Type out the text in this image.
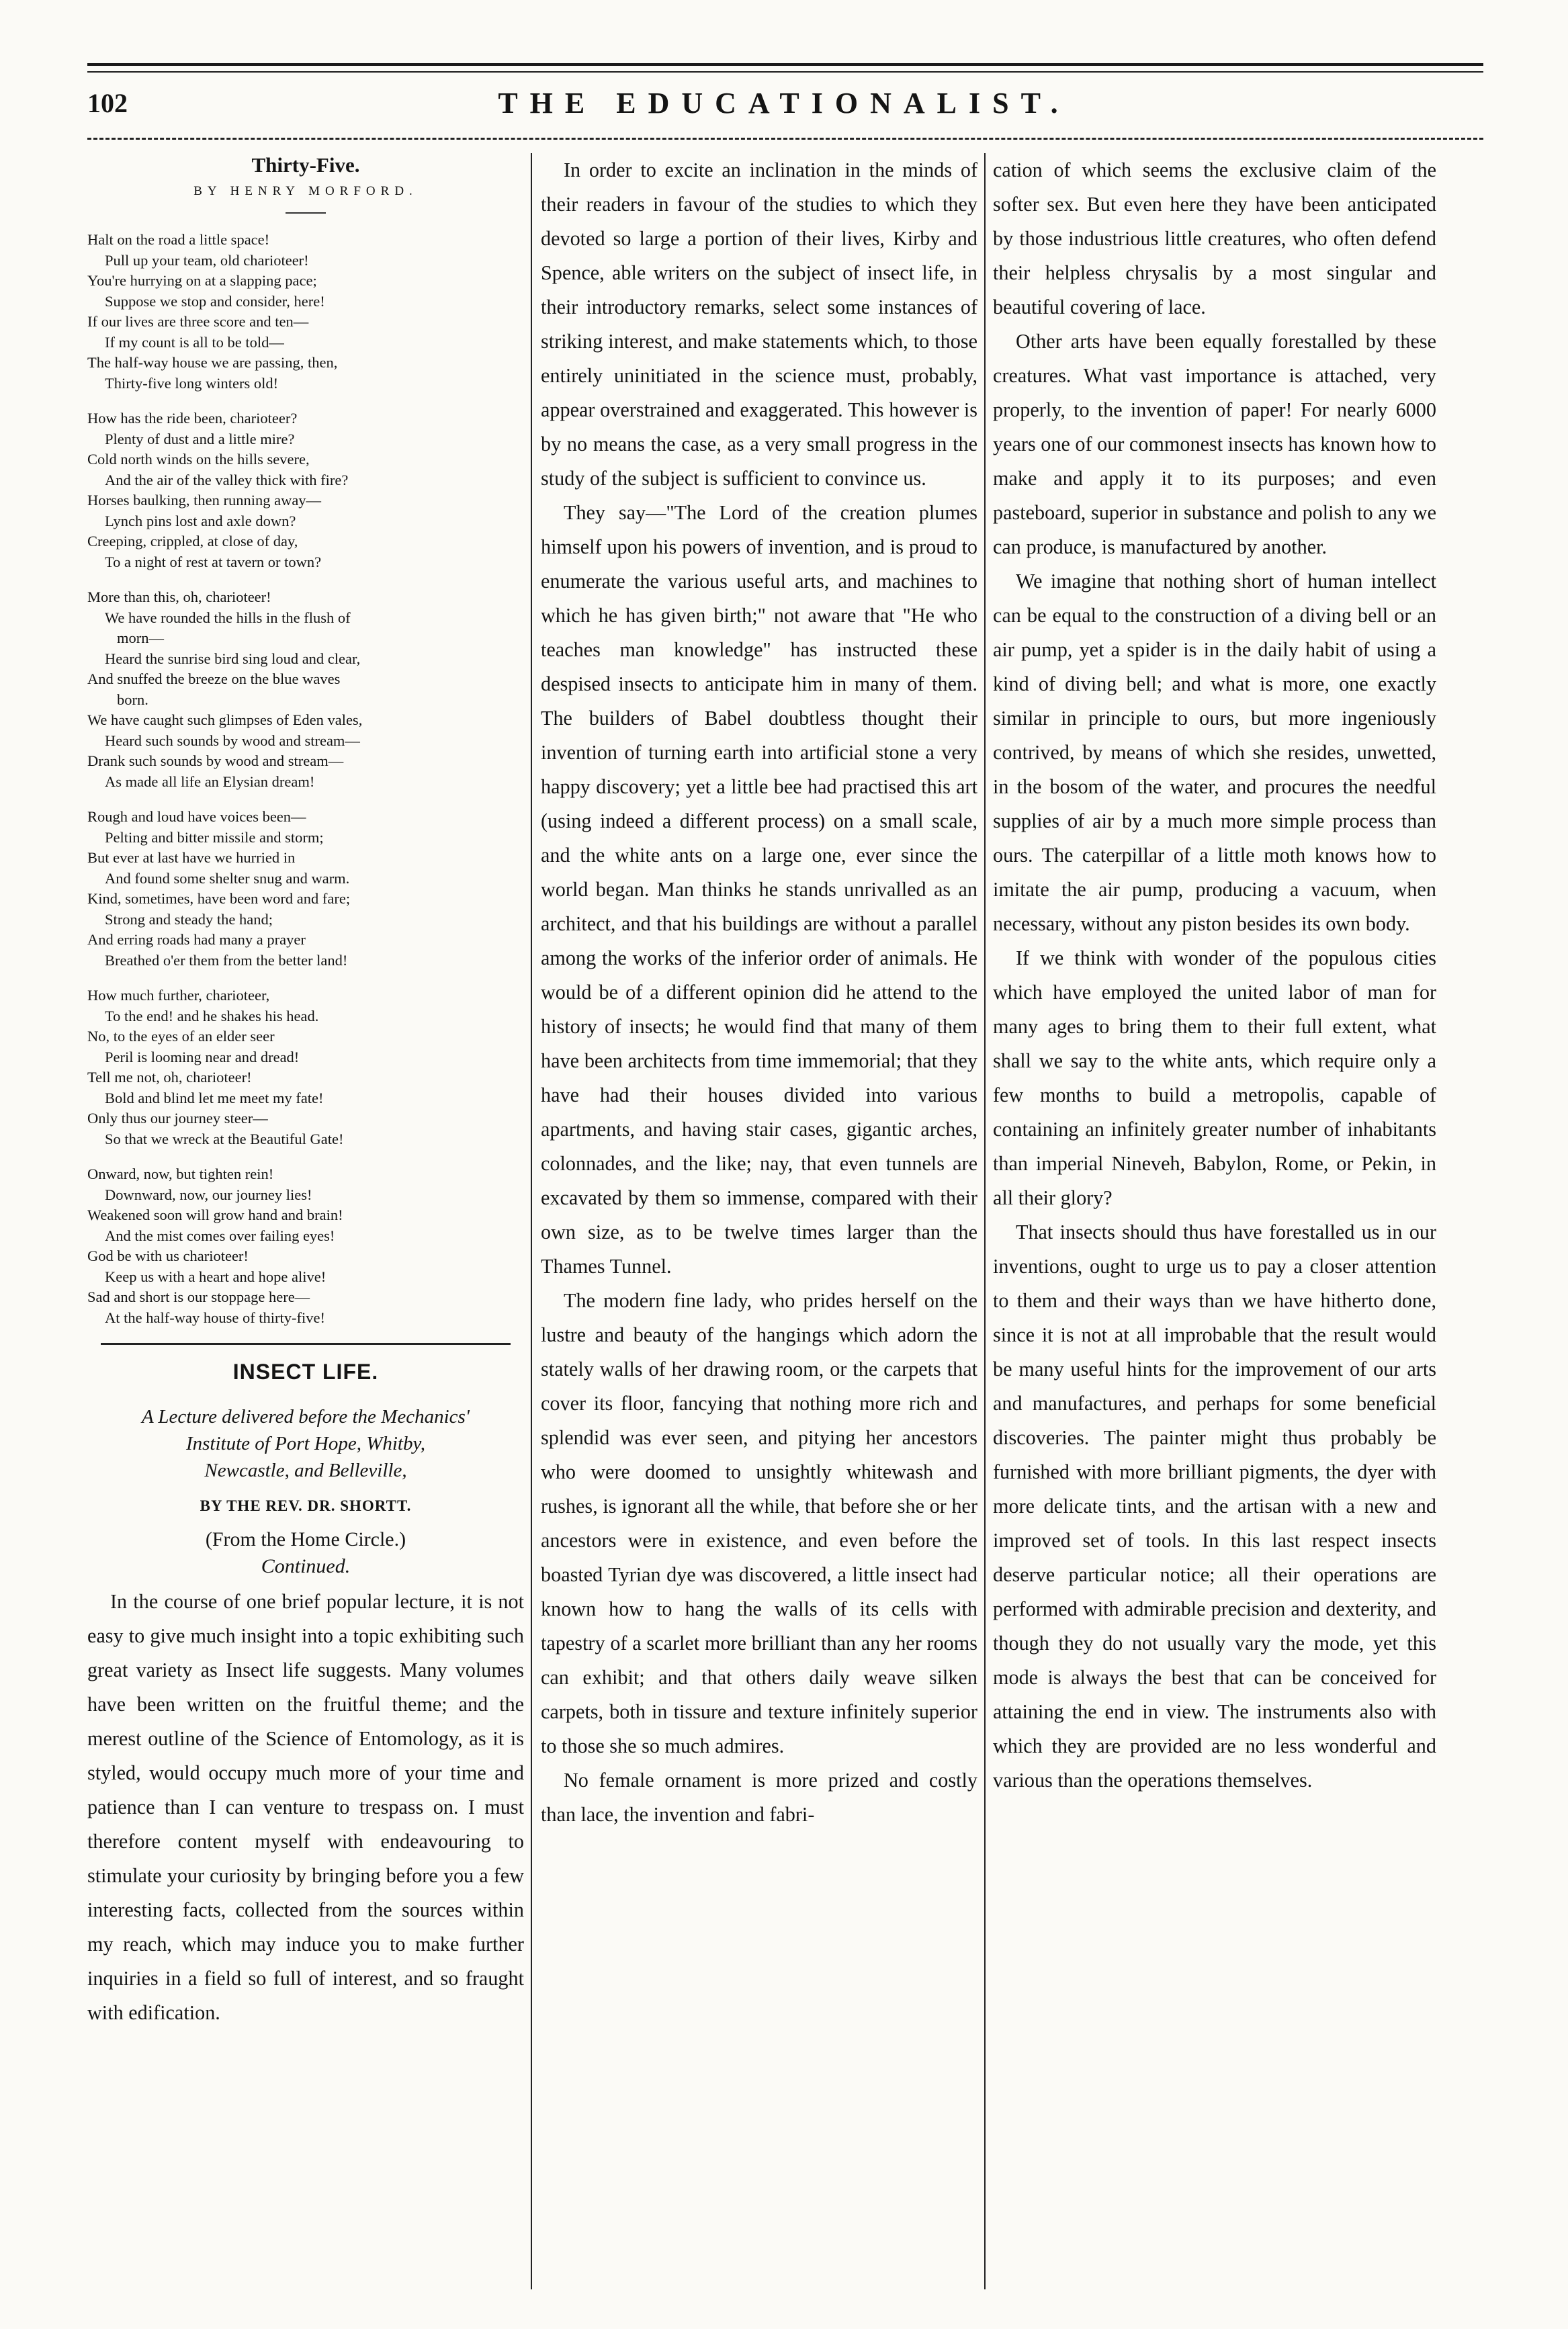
102	THE EDUCATIONALIST.
Thirty-Five.
BY HENRY MORFORD.
Halt on the road a little space!
Pull up your team, old charioteer!
You're hurrying on at a slapping pace;
Suppose we stop and consider, here!
If our lives are three score and ten—
If my count is all to be told—
The half-way house we are passing, then,
Thirty-five long winters old!
How has the ride been, charioteer?
Plenty of dust and a little mire?
Cold north winds on the hills severe,
And the air of the valley thick with fire?
Horses baulking, then running away—
Lynch pins lost and axle down?
Creeping, crippled, at close of day,
To a night of rest at tavern or town?
More than this, oh, charioteer!
We have rounded the hills in the flush of
morn—
Heard the sunrise bird sing loud and clear,
And snuffed the breeze on the blue waves
born.
We have caught such glimpses of Eden vales,
Heard such sounds by wood and stream—
Drank such sounds by wood and stream—
As made all life an Elysian dream!
Rough and loud have voices been—
Pelting and bitter missile and storm;
But ever at last have we hurried in
And found some shelter snug and warm.
Kind, sometimes, have been word and fare;
Strong and steady the hand;
And erring roads had many a prayer
Breathed o'er them from the better land!
How much further, charioteer,
To the end! and he shakes his head.
No, to the eyes of an elder seer
Peril is looming near and dread!
Tell me not, oh, charioteer!
Bold and blind let me meet my fate!
Only thus our journey steer—
So that we wreck at the Beautiful Gate!
Onward, now, but tighten rein!
Downward, now, our journey lies!
Weakened soon will grow hand and brain!
And the mist comes over failing eyes!
God be with us charioteer!
Keep us with a heart and hope alive!
Sad and short is our stoppage here—
At the half-way house of thirty-five!
INSECT LIFE.

A Lecture delivered before the Mechanics'

Institute of Port Hope, Whitby,

Newcastle, and Belleville,

BY THE REV. DR. SHORTT.
(From the Home Circle.)
Continued.

In the course of one brief popular lecture, it is not easy to give much insight into a topic exhibiting such great variety as Insect life suggests. Many volumes have been written on the fruitful theme; and the merest outline of the Science of Entomology, as it is styled, would occupy much more of your time and patience than I can venture to trespass on. I must therefore content myself with endeavouring to stimulate your curiosity by bringing before you a few interesting facts, collected from the sources within my reach, which may induce you to make further inquiries in a field so full of interest, and so fraught with edification.

In order to excite an inclination in the minds of their readers in favour of the studies to which they devoted so large a portion of their lives, Kirby and Spence, able writers on the subject of insect life, in their introductory remarks, select some instances of striking interest, and make statements which, to those entirely uninitiated in the science must, probably, appear overstrained and exaggerated. This however is by no means the case, as a very small progress in the study of the subject is sufficient to convince us.

They say—"The Lord of the creation plumes himself upon his powers of invention, and is proud to enumerate the various useful arts, and machines to which he has given birth;" not aware that "He who teaches man knowledge" has instructed these despised insects to anticipate him in many of them. The builders of Babel doubtless thought their invention of turning earth into artificial stone a very happy discovery; yet a little bee had practised this art (using indeed a different process) on a small scale, and the white ants on a large one, ever since the world began. Man thinks he stands unrivalled as an architect, and that his buildings are without a parallel among the works of the inferior order of animals. He would be of a different opinion did he attend to the history of insects; he would find that many of them have been architects from time immemorial; that they have had their houses divided into various apartments, and having stair cases, gigantic arches, colonnades, and the like; nay, that even tunnels are excavated by them so immense, compared with their own size, as to be twelve times larger than the Thames Tunnel.

The modern fine lady, who prides herself on the lustre and beauty of the hangings which adorn the stately walls of her drawing room, or the carpets that cover its floor, fancying that nothing more rich and splendid was ever seen, and pitying her ancestors who were doomed to unsightly whitewash and rushes, is ignorant all the while, that before she or her ancestors were in existence, and even before the boasted Tyrian dye was discovered, a little insect had known how to hang the walls of its cells with tapestry of a scarlet more brilliant than any her rooms can exhibit; and that others daily weave silken carpets, both in tissure and texture infinitely superior to those she so much admires.

No female ornament is more prized and costly than lace, the invention and fabri-

cation of which seems the exclusive claim of the softer sex. But even here they have been anticipated by those industrious little creatures, who often defend their helpless chrysalis by a most singular and beautiful covering of lace.

Other arts have been equally forestalled by these creatures. What vast importance is attached, very properly, to the invention of paper! For nearly 6000 years one of our commonest insects has known how to make and apply it to its purposes; and even pasteboard, superior in substance and polish to any we can produce, is manufactured by another.

We imagine that nothing short of human intellect can be equal to the construction of a diving bell or an air pump, yet a spider is in the daily habit of using a kind of diving bell; and what is more, one exactly similar in principle to ours, but more ingeniously contrived, by means of which she resides, unwetted, in the bosom of the water, and procures the needful supplies of air by a much more simple process than ours. The caterpillar of a little moth knows how to imitate the air pump, producing a vacuum, when necessary, without any piston besides its own body.

If we think with wonder of the populous cities which have employed the united labor of man for many ages to bring them to their full extent, what shall we say to the white ants, which require only a few months to build a metropolis, capable of containing an infinitely greater number of inhabitants than imperial Nineveh, Babylon, Rome, or Pekin, in all their glory?

That insects should thus have forestalled us in our inventions, ought to urge us to pay a closer attention to them and their ways than we have hitherto done, since it is not at all improbable that the result would be many useful hints for the improvement of our arts and manufactures, and perhaps for some beneficial discoveries. The painter might thus probably be furnished with more brilliant pigments, the dyer with more delicate tints, and the artisan with a new and improved set of tools. In this last respect insects deserve particular notice; all their operations are performed with admirable precision and dexterity, and though they do not usually vary the mode, yet this mode is always the best that can be conceived for attaining the end in view. The instruments also with which they are provided are no less wonderful and various than the operations themselves.
